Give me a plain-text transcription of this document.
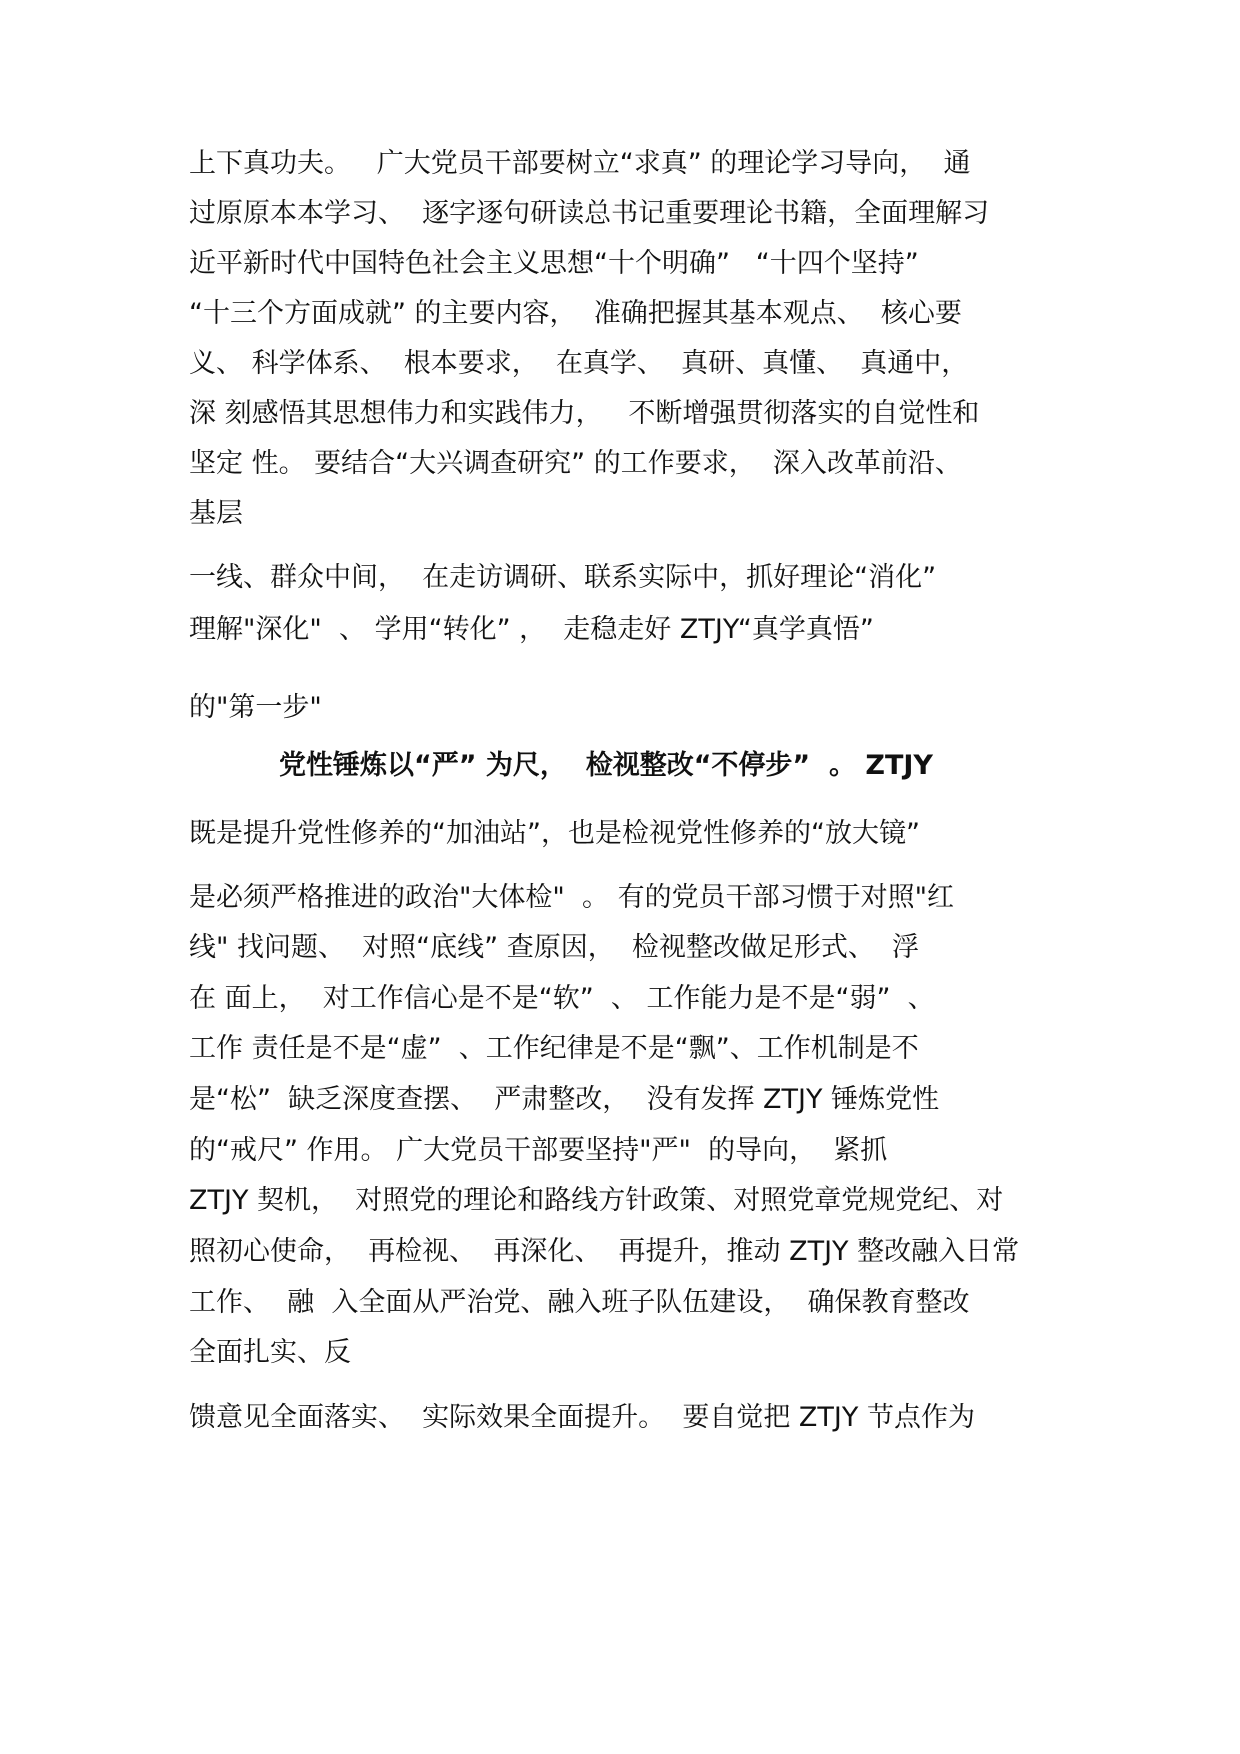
上下真功夫。   广大党员干部要树立“求真” 的理论学习导向，  通
过原原本本学习、  逐字逐句研读总书记重要理论书籍，全面理解习
近平新时代中国特色社会主义思想“十个明确”   “十四个坚持”
“十三个方面成就” 的主要内容，  准确把握其基本观点、  核心要
义、 科学体系、  根本要求，  在真学、  真研、真懂、  真通中，
深 刻感悟其思想伟力和实践伟力，   不断增强贯彻落实的自觉性和
坚定 性。 要结合“大兴调查研究” 的工作要求，  深入改革前沿、
基层
一线、群众中间，  在走访调研、联系实际中，抓好理论“消化”
理解"深化"  、 学用“转化” ，  走稳走好 ZTJY“真学真悟”
的"第一步"
党性锤炼以“严” 为尺，  检视整改“不停步”  。 ZTJY
既是提升党性修养的“加油站”，也是检视党性修养的“放大镜”
是必须严格推进的政治"大体检"  。 有的党员干部习惯于对照"红
线" 找问题、  对照“底线” 查原因，  检视整改做足形式、  浮
在 面上，  对工作信心是不是“软”  、 工作能力是不是“弱”  、
工作 责任是不是“虚”  、工作纪律是不是“飘”、工作机制是不
是“松”  缺乏深度查摆、  严肃整改，  没有发挥 ZTJY 锤炼党性
的“戒尺” 作用。 广大党员干部要坚持"严"  的导向，  紧抓
ZTJY 契机，  对照党的理论和路线方针政策、对照党章党规党纪、对
照初心使命，  再检视、  再深化、  再提升，推动 ZTJY 整改融入日常
工作、  融  入全面从严治党、融入班子队伍建设，  确保教育整改
全面扎实、反
馈意见全面落实、  实际效果全面提升。  要自觉把 ZTJY 节点作为
